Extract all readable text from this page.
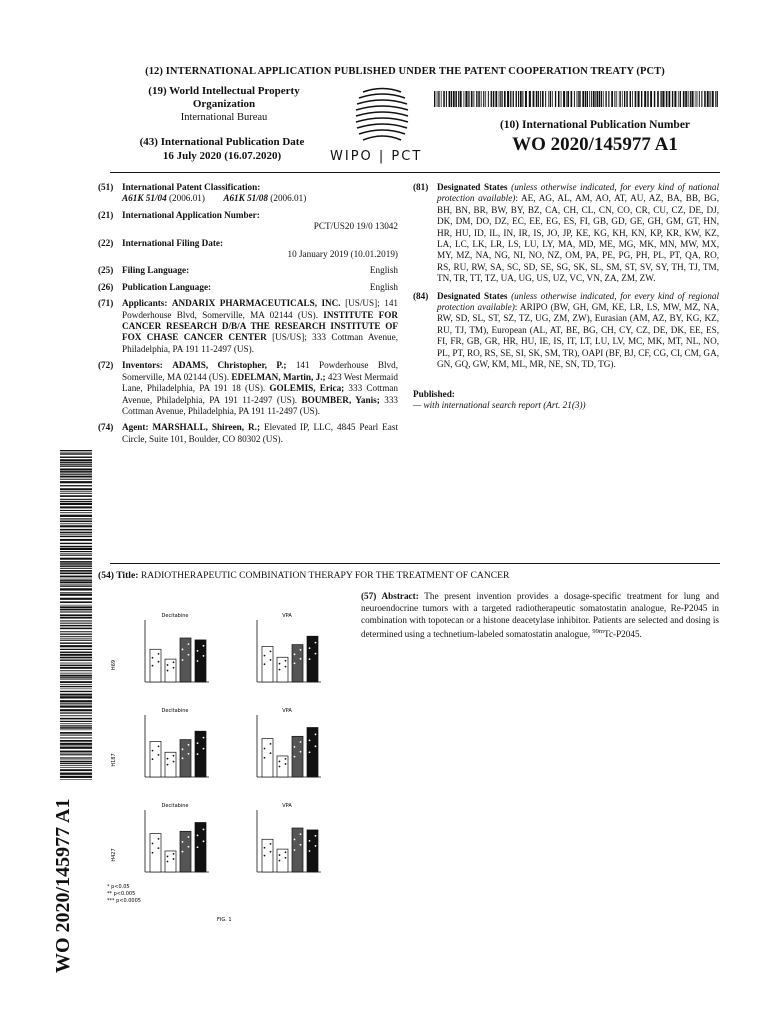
(12) INTERNATIONAL APPLICATION PUBLISHED UNDER THE PATENT COOPERATION TREATY (PCT)
(19) World Intellectual Property
Organization
International Bureau
(43) International Publication Date
16 July 2020 (16.07.2020)	WIPO | PCT
(10) International Publication Number
WO 2020/145977 A1
(51) International Patent Classification:
A61K 51/04 (2006.01) A61K 51/08 (2006.01)
(21) International Application Number:
PCT/US20 19/0 13042
(22) International Filing Date:
10 January 2019 (10.01.2019)
(25) Filing Language:	English
(26) Publication Language:	English
(71) Applicants: ANDARIX PHARMACEUTICALS, INC. [US/US]; 141 Powderhouse Blvd, Somerville, MA 02144 (US). INSTITUTE FOR CANCER RESEARCH D/B/A THE RESEARCH INSTITUTE OF FOX CHASE CANCER CENTER [US/US]; 333 Cottman Avenue, Philadelphia, PA 191 11-2497 (US).
(72) Inventors: ADAMS, Christopher, P.; 141 Powderhouse Blvd, Somerville, MA 02144 (US). EDELMAN, Martin, J.; 423 West Mermaid Lane, Philadelphia, PA 191 18 (US). GOLEMIS, Erica; 333 Cottman Avenue, Philadelphia, PA 191 11-2497 (US). BOUMBER, Yanis; 333 Cottman Avenue, Philadelphia, PA 191 11-2497 (US).
(74) Agent: MARSHALL, Shireen, R.; Elevated IP, LLC, 4845 Pearl East Circle, Suite 101, Boulder, CO 80302 (US).
(81) Designated States (unless otherwise indicated, for every kind of national protection available): AE, AG, AL, AM, AO, AT, AU, AZ, BA, BB, BG, BH, BN, BR, BW, BY, BZ, CA, CH, CL, CN, CO, CR, CU, CZ, DE, DJ, DK, DM, DO, DZ, EC, EE, EG, ES, FI, GB, GD, GE, GH, GM, GT, HN, HR, HU, ID, IL, IN, IR, IS, JO, JP, KE, KG, KH, KN, KP, KR, KW, KZ, LA, LC, LK, LR, LS, LU, LY, MA, MD, ME, MG, MK, MN, MW, MX, MY, MZ, NA, NG, NI, NO, NZ, OM, PA, PE, PG, PH, PL, PT, QA, RO, RS, RU, RW, SA, SC, SD, SE, SG, SK, SL, SM, ST, SV, SY, TH, TJ, TM, TN, TR, TT, TZ, UA, UG, US, UZ, VC, VN, ZA, ZM, ZW.
(84) Designated States (unless otherwise indicated, for every kind of regional protection available): ARIPO (BW, GH, GM, KE, LR, LS, MW, MZ, NA, RW, SD, SL, ST, SZ, TZ, UG, ZM, ZW), Eurasian (AM, AZ, BY, KG, KZ, RU, TJ, TM), European (AL, AT, BE, BG, CH, CY, CZ, DE, DK, EE, ES, FI, FR, GB, GR, HR, HU, IE, IS, IT, LT, LU, LV, MC, MK, MT, NL, NO, PL, PT, RO, RS, SE, SI, SK, SM, TR), OAPI (BF, BJ, CF, CG, CI, CM, GA, GN, GQ, GW, KM, ML, MR, NE, SN, TD, TG).
Published:
— with international search report (Art. 21(3))
WO 2020/145977 A1
(54) Title: RADIOTHERAPEUTIC COMBINATION THERAPY FOR THE TREATMENT OF CANCER
(57) Abstract: The present invention provides a dosage-specific treatment for lung and neuroendocrine tumors with a targeted radiotherapeutic somatostatin analogue, Re-P2045 in combination with topotecan or a histone deacetylase inhibitor. Patients are selected and dosing is determined using a technetium-labeled somatostatin analogue, $^{99m}$Tc-P2045.
H69
Decitabine	VPA
H187
Decitabine	VPA
H427
Decitabine	VPA
* p<0.05
** p<0.005
*** p<0.0005
FIG. 1
